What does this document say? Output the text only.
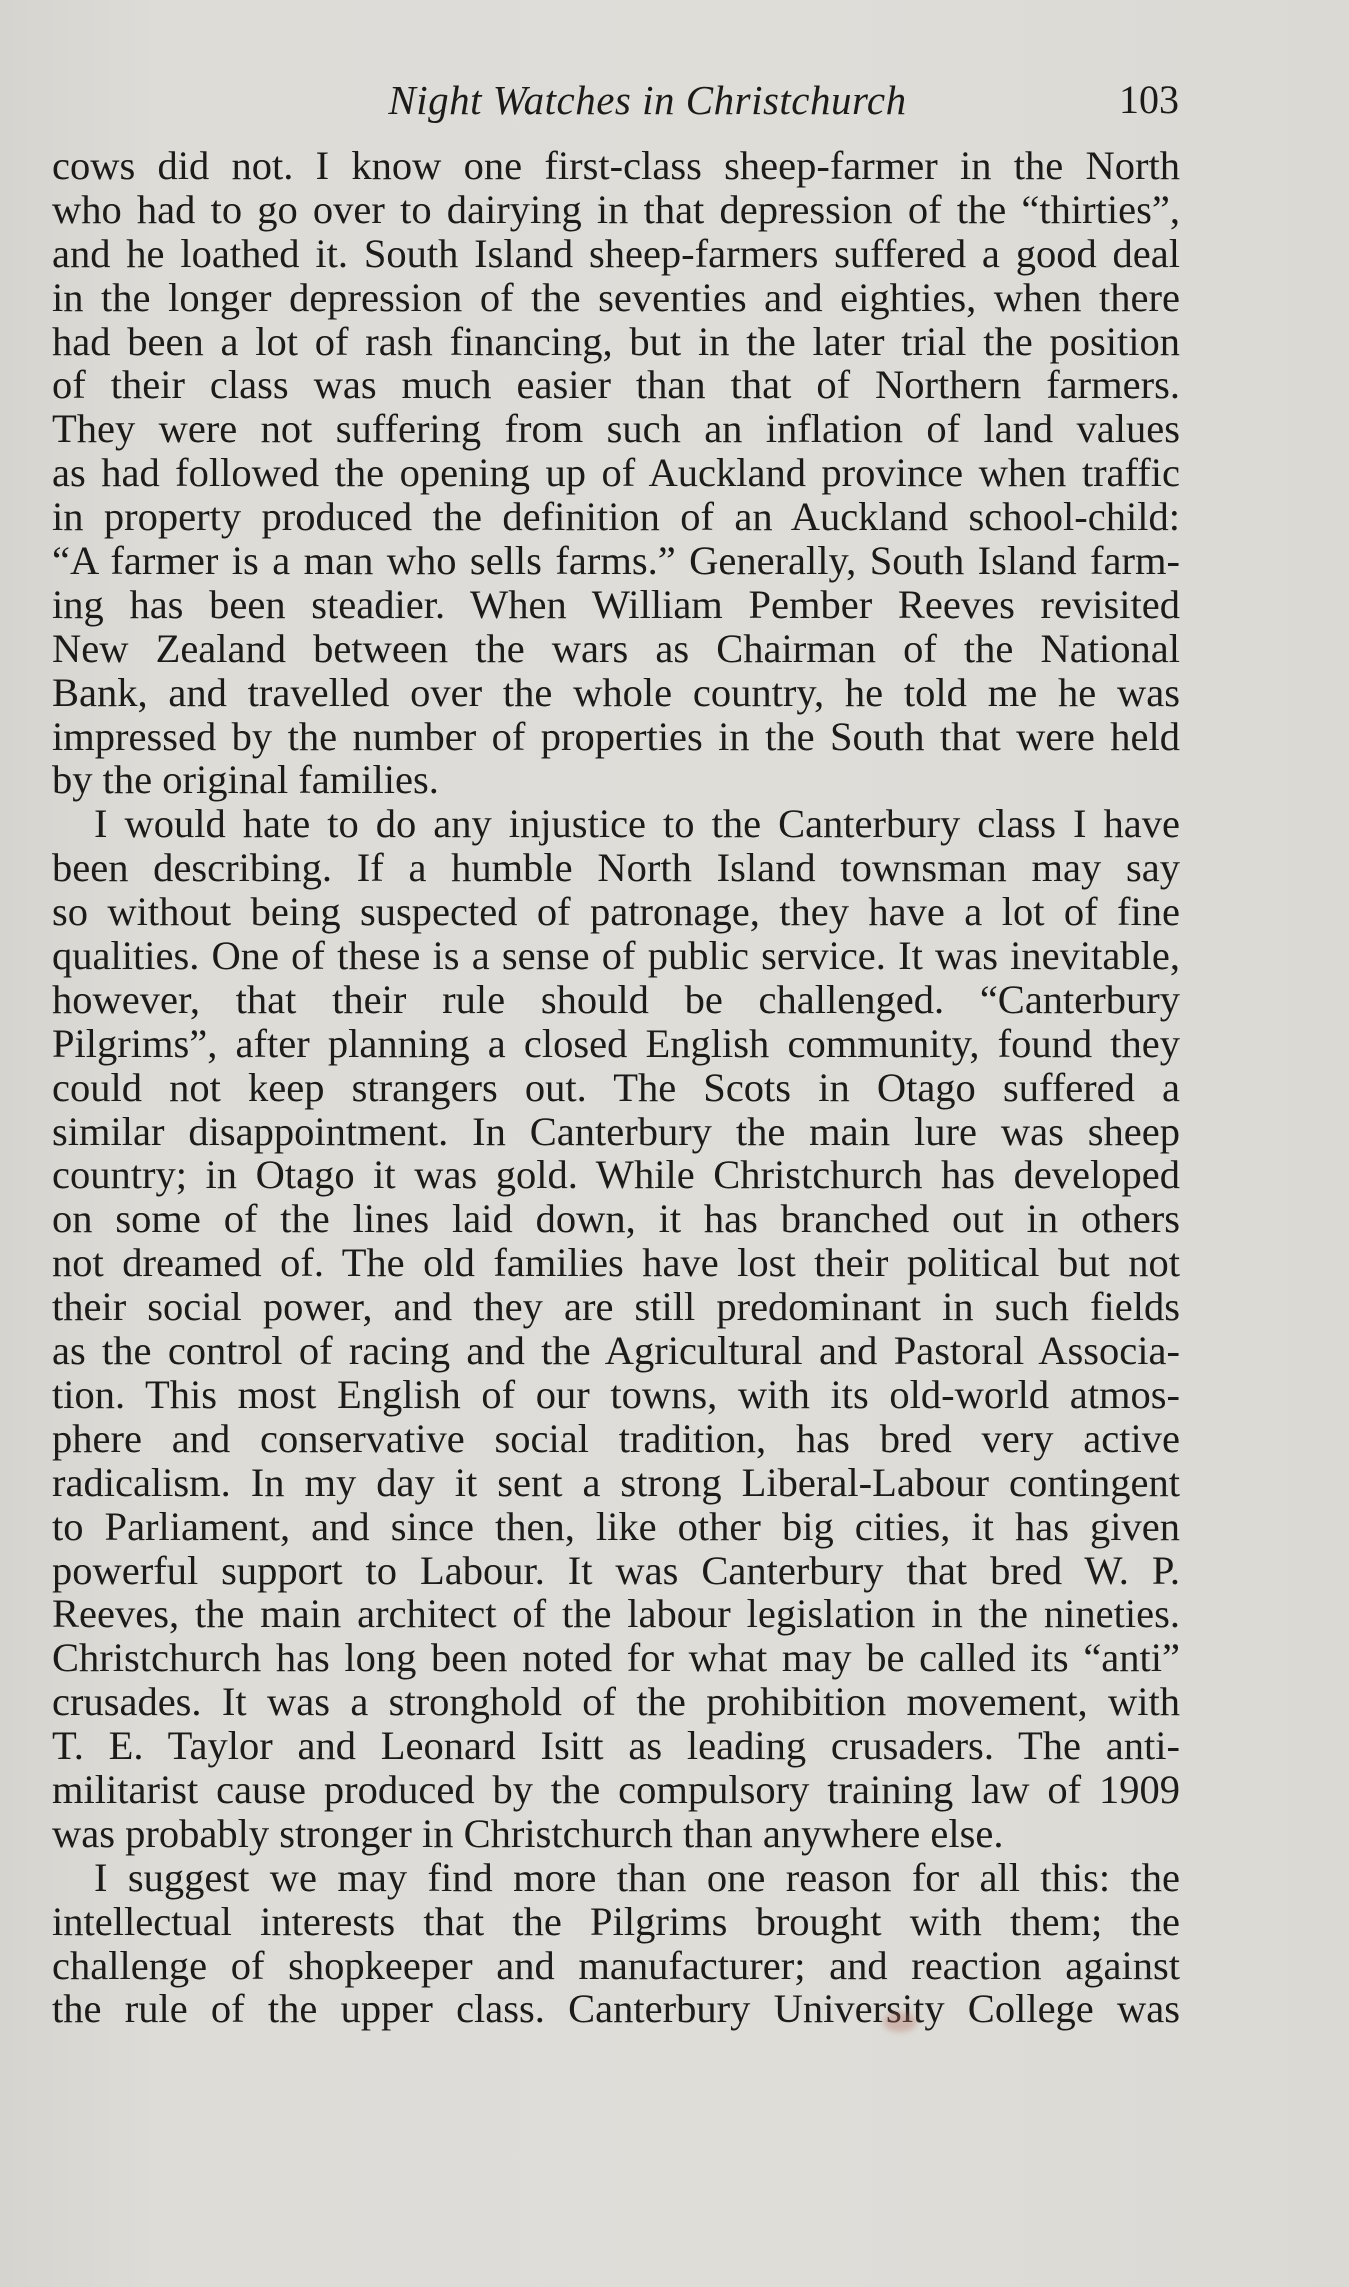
Night Watches in Christchurch	103
cows did not. I know one first-class sheep-farmer in the North
who had to go over to dairying in that depression of the “thirties”,
and he loathed it. South Island sheep-farmers suffered a good deal
in the longer depression of the seventies and eighties, when there
had been a lot of rash financing, but in the later trial the position
of their class was much easier than that of Northern farmers.
They were not suffering from such an inflation of land values
as had followed the opening up of Auckland province when traffic
in property produced the definition of an Auckland school-child:
“A farmer is a man who sells farms.” Generally, South Island farm-
ing has been steadier. When William Pember Reeves revisited
New Zealand between the wars as Chairman of the National
Bank, and travelled over the whole country, he told me he was
impressed by the number of properties in the South that were held
by the original families.
I would hate to do any injustice to the Canterbury class I have
been describing. If a humble North Island townsman may say
so without being suspected of patronage, they have a lot of fine
qualities. One of these is a sense of public service. It was inevitable,
however, that their rule should be challenged. “Canterbury
Pilgrims”, after planning a closed English community, found they
could not keep strangers out. The Scots in Otago suffered a
similar disappointment. In Canterbury the main lure was sheep
country; in Otago it was gold. While Christchurch has developed
on some of the lines laid down, it has branched out in others
not dreamed of. The old families have lost their political but not
their social power, and they are still predominant in such fields
as the control of racing and the Agricultural and Pastoral Associa-
tion. This most English of our towns, with its old-world atmos-
phere and conservative social tradition, has bred very active
radicalism. In my day it sent a strong Liberal-Labour contingent
to Parliament, and since then, like other big cities, it has given
powerful support to Labour. It was Canterbury that bred W. P.
Reeves, the main architect of the labour legislation in the nineties.
Christchurch has long been noted for what may be called its “anti”
crusades. It was a stronghold of the prohibition movement, with
T. E. Taylor and Leonard Isitt as leading crusaders. The anti-
militarist cause produced by the compulsory training law of 1909
was probably stronger in Christchurch than anywhere else.
I suggest we may find more than one reason for all this: the
intellectual interests that the Pilgrims brought with them; the
challenge of shopkeeper and manufacturer; and reaction against
the rule of the upper class. Canterbury University College was
